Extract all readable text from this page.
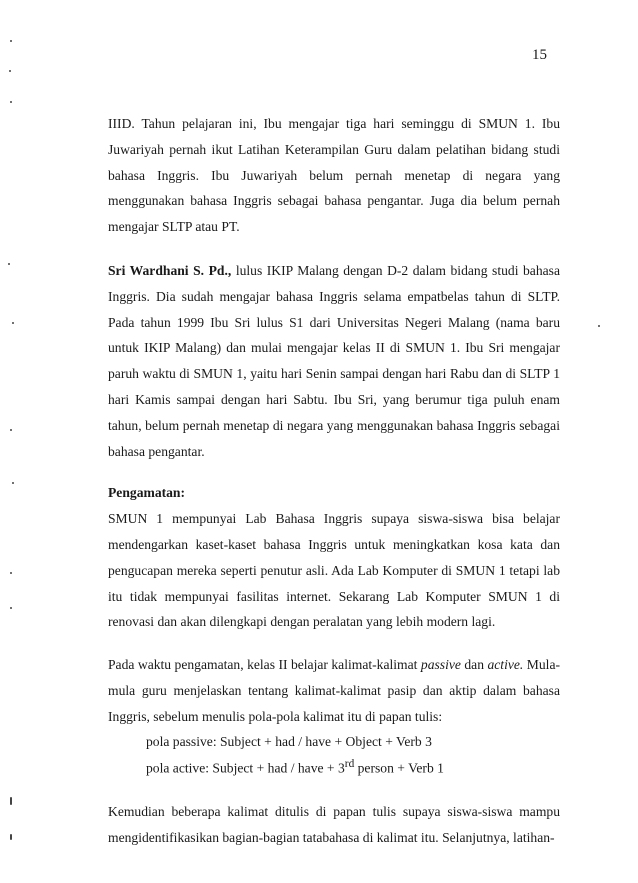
15

IIID. Tahun pelajaran ini, Ibu mengajar tiga hari seminggu di SMUN 1. Ibu Juwariyah pernah ikut Latihan Keterampilan Guru dalam pelatihan bidang studi bahasa Inggris. Ibu Juwariyah belum pernah menetap di negara yang menggunakan bahasa Inggris sebagai bahasa pengantar. Juga dia belum pernah mengajar SLTP atau PT.

Sri Wardhani S. Pd., lulus IKIP Malang dengan D-2 dalam bidang studi bahasa Inggris. Dia sudah mengajar bahasa Inggris selama empatbelas tahun di SLTP. Pada tahun 1999 Ibu Sri lulus S1 dari Universitas Negeri Malang (nama baru untuk IKIP Malang) dan mulai mengajar kelas II di SMUN 1. Ibu Sri mengajar paruh waktu di SMUN 1, yaitu hari Senin sampai dengan hari Rabu dan di SLTP 1 hari Kamis sampai dengan hari Sabtu. Ibu Sri, yang berumur tiga puluh enam tahun, belum pernah menetap di negara yang menggunakan bahasa Inggris sebagai bahasa pengantar.

Pengamatan:

SMUN 1 mempunyai Lab Bahasa Inggris supaya siswa-siswa bisa belajar mendengarkan kaset-kaset bahasa Inggris untuk meningkatkan kosa kata dan pengucapan mereka seperti penutur asli. Ada Lab Komputer di SMUN 1 tetapi lab itu tidak mempunyai fasilitas internet. Sekarang Lab Komputer SMUN 1 di renovasi dan akan dilengkapi dengan peralatan yang lebih modern lagi.

Pada waktu pengamatan, kelas II belajar kalimat-kalimat passive dan active. Mula-mula guru menjelaskan tentang kalimat-kalimat pasip dan aktip dalam bahasa Inggris, sebelum menulis pola-pola kalimat itu di papan tulis:

pola passive: Subject + had / have + Object + Verb 3
pola active: Subject + had / have + 3rd person + Verb 1

Kemudian beberapa kalimat ditulis di papan tulis supaya siswa-siswa mampu mengidentifikasikan bagian-bagian tatabahasa di kalimat itu. Selanjutnya, latihan-
